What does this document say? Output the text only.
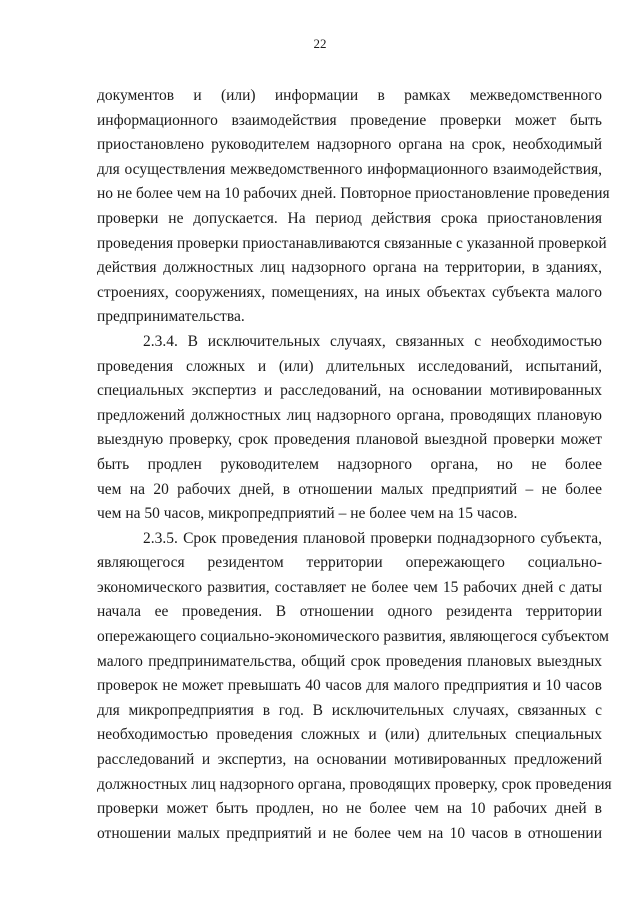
22

документов и (или) информации в рамках межведомственного
информационного взаимодействия проведение проверки может быть
приостановлено руководителем надзорного органа на срок, необходимый
для осуществления межведомственного информационного взаимодействия,
но не более чем на 10 рабочих дней. Повторное приостановление проведения
проверки не допускается. На период действия срока приостановления
проведения проверки приостанавливаются связанные с указанной проверкой
действия должностных лиц надзорного органа на территории, в зданиях,
строениях, сооружениях, помещениях, на иных объектах субъекта малого
предпринимательства.

2.3.4. В исключительных случаях, связанных с необходимостью
проведения сложных и (или) длительных исследований, испытаний,
специальных экспертиз и расследований, на основании мотивированных
предложений должностных лиц надзорного органа, проводящих плановую
выездную проверку, срок проведения плановой выездной проверки может
быть продлен руководителем надзорного органа, но не более
чем на 20 рабочих дней, в отношении малых предприятий – не более
чем на 50 часов, микропредприятий – не более чем на 15 часов.

2.3.5. Срок проведения плановой проверки поднадзорного субъекта,
являющегося резидентом территории опережающего социально-
экономического развития, составляет не более чем 15 рабочих дней с даты
начала ее проведения. В отношении одного резидента территории
опережающего социально-экономического развития, являющегося субъектом
малого предпринимательства, общий срок проведения плановых выездных
проверок не может превышать 40 часов для малого предприятия и 10 часов
для микропредприятия в год. В исключительных случаях, связанных с
необходимостью проведения сложных и (или) длительных специальных
расследований и экспертиз, на основании мотивированных предложений
должностных лиц надзорного органа, проводящих проверку, срок проведения
проверки может быть продлен, но не более чем на 10 рабочих дней в
отношении малых предприятий и не более чем на 10 часов в отношении
